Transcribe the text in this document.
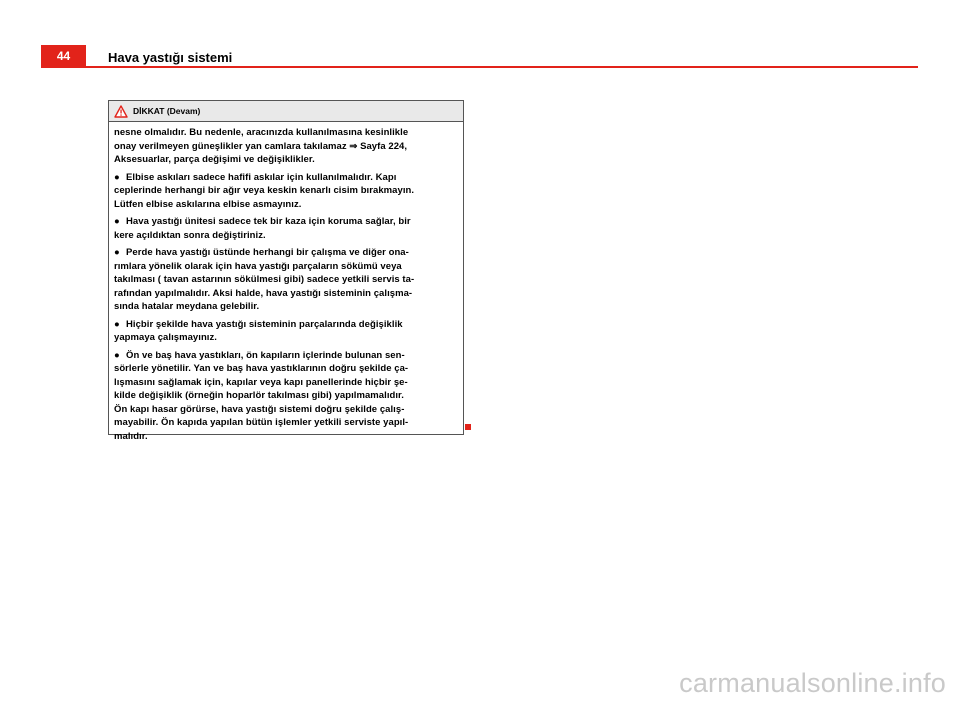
44	Hava yastığı sistemi
DİKKAT (Devam)

nesne olmalıdır. Bu nedenle, aracınızda kullanılmasına kesinlikle
onay verilmeyen güneşlikler yan camlara takılamaz ⇒ Sayfa 224,
Aksesuarlar, parça değişimi ve değişiklikler.

● Elbise askıları sadece hafifi askılar için kullanılmalıdır. Kapı
ceplerinde herhangi bir ağır veya keskin kenarlı cisim bırakmayın.
Lütfen elbise askılarına elbise asmayınız.

● Hava yastığı ünitesi sadece tek bir kaza için koruma sağlar, bir
kere açıldıktan sonra değiştiriniz.

● Perde hava yastığı üstünde herhangi bir çalışma ve diğer ona-
rımlara yönelik olarak için hava yastığı parçaların sökümü veya
takılması ( tavan astarının sökülmesi gibi) sadece yetkili servis ta-
rafından yapılmalıdır. Aksi halde, hava yastığı sisteminin çalışma-
sında hatalar meydana gelebilir.

● Hiçbir şekilde hava yastığı sisteminin parçalarında değişiklik
yapmaya çalışmayınız.

● Ön ve baş hava yastıkları, ön kapıların içlerinde bulunan sen-
sörlerle yönetilir. Yan ve baş hava yastıklarının doğru şekilde ça-
lışmasını sağlamak için, kapılar veya kapı panellerinde hiçbir şe-
kilde değişiklik (örneğin hoparlör takılması gibi) yapılmamalıdır.
Ön kapı hasar görürse, hava yastığı sistemi doğru şekilde çalış-
mayabilir. Ön kapıda yapılan bütün işlemler yetkili serviste yapıl-
malıdır.

carmanualsonline.info
